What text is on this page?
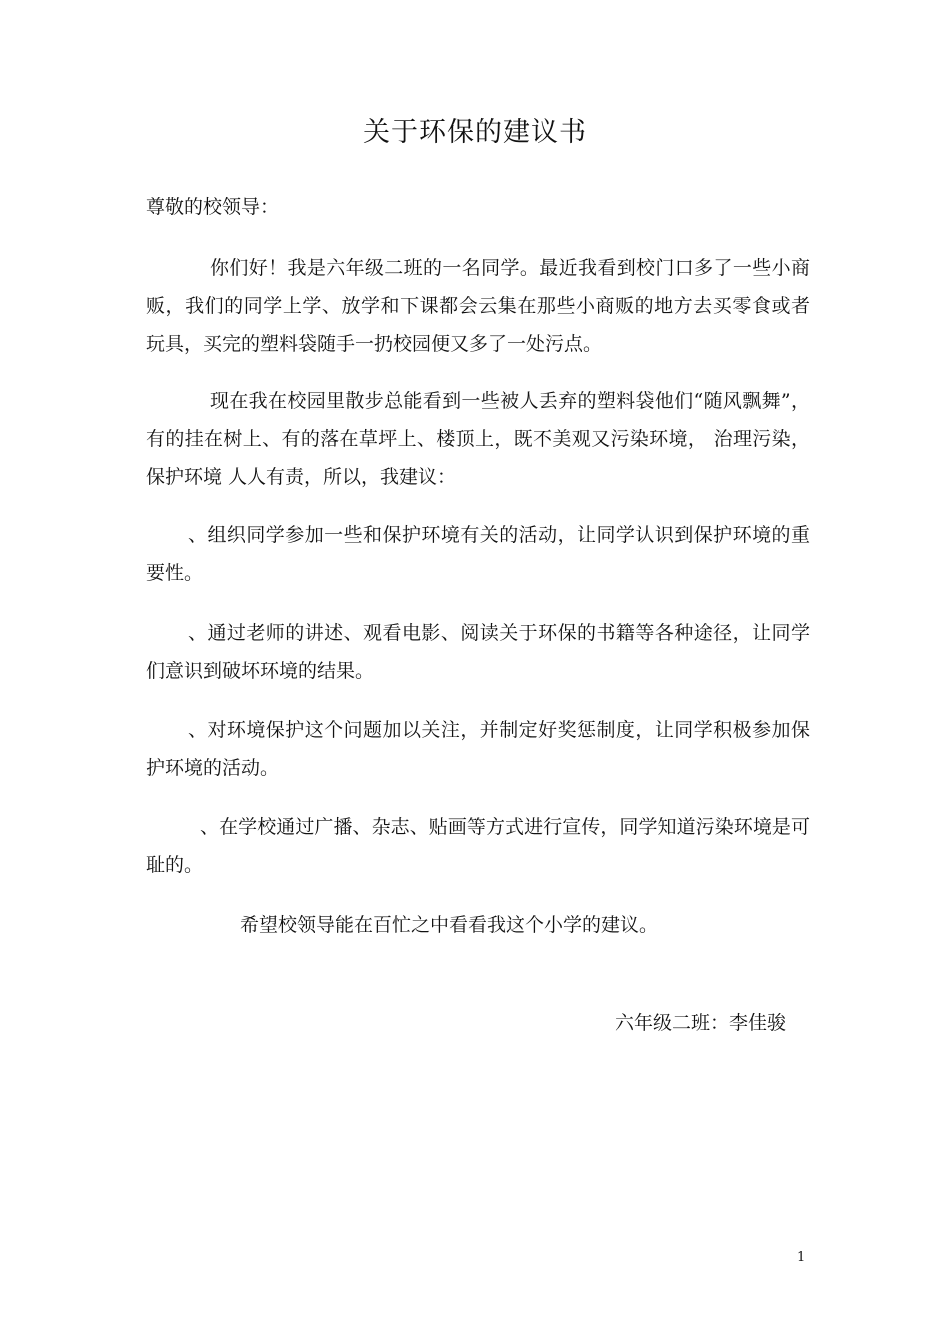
关于环保的建议书
尊敬的校领导：

你们好！我是六年级二班的一名同学。最近我看到校门口多了一些小商贩，我们的同学上学、放学和下课都会云集在那些小商贩的地方去买零食或者玩具，买完的塑料袋随手一扔校园便又多了一处污点。

现在我在校园里散步总能看到一些被人丢弃的塑料袋他们“随风飘舞”，有的挂在树上、有的落在草坪上、楼顶上，既不美观又污染环境， 治理污染，保护环境 人人有责，所以，我建议：

、组织同学参加一些和保护环境有关的活动，让同学认识到保护环境的重要性。

、通过老师的讲述、观看电影、阅读关于环保的书籍等各种途径，让同学们意识到破坏环境的结果。

、对环境保护这个问题加以关注，并制定好奖惩制度，让同学积极参加保护环境的活动。

、在学校通过广播、杂志、贴画等方式进行宣传，同学知道污染环境是可耻的。

希望校领导能在百忙之中看看我这个小学的建议。
六年级二班：李佳骏
1
